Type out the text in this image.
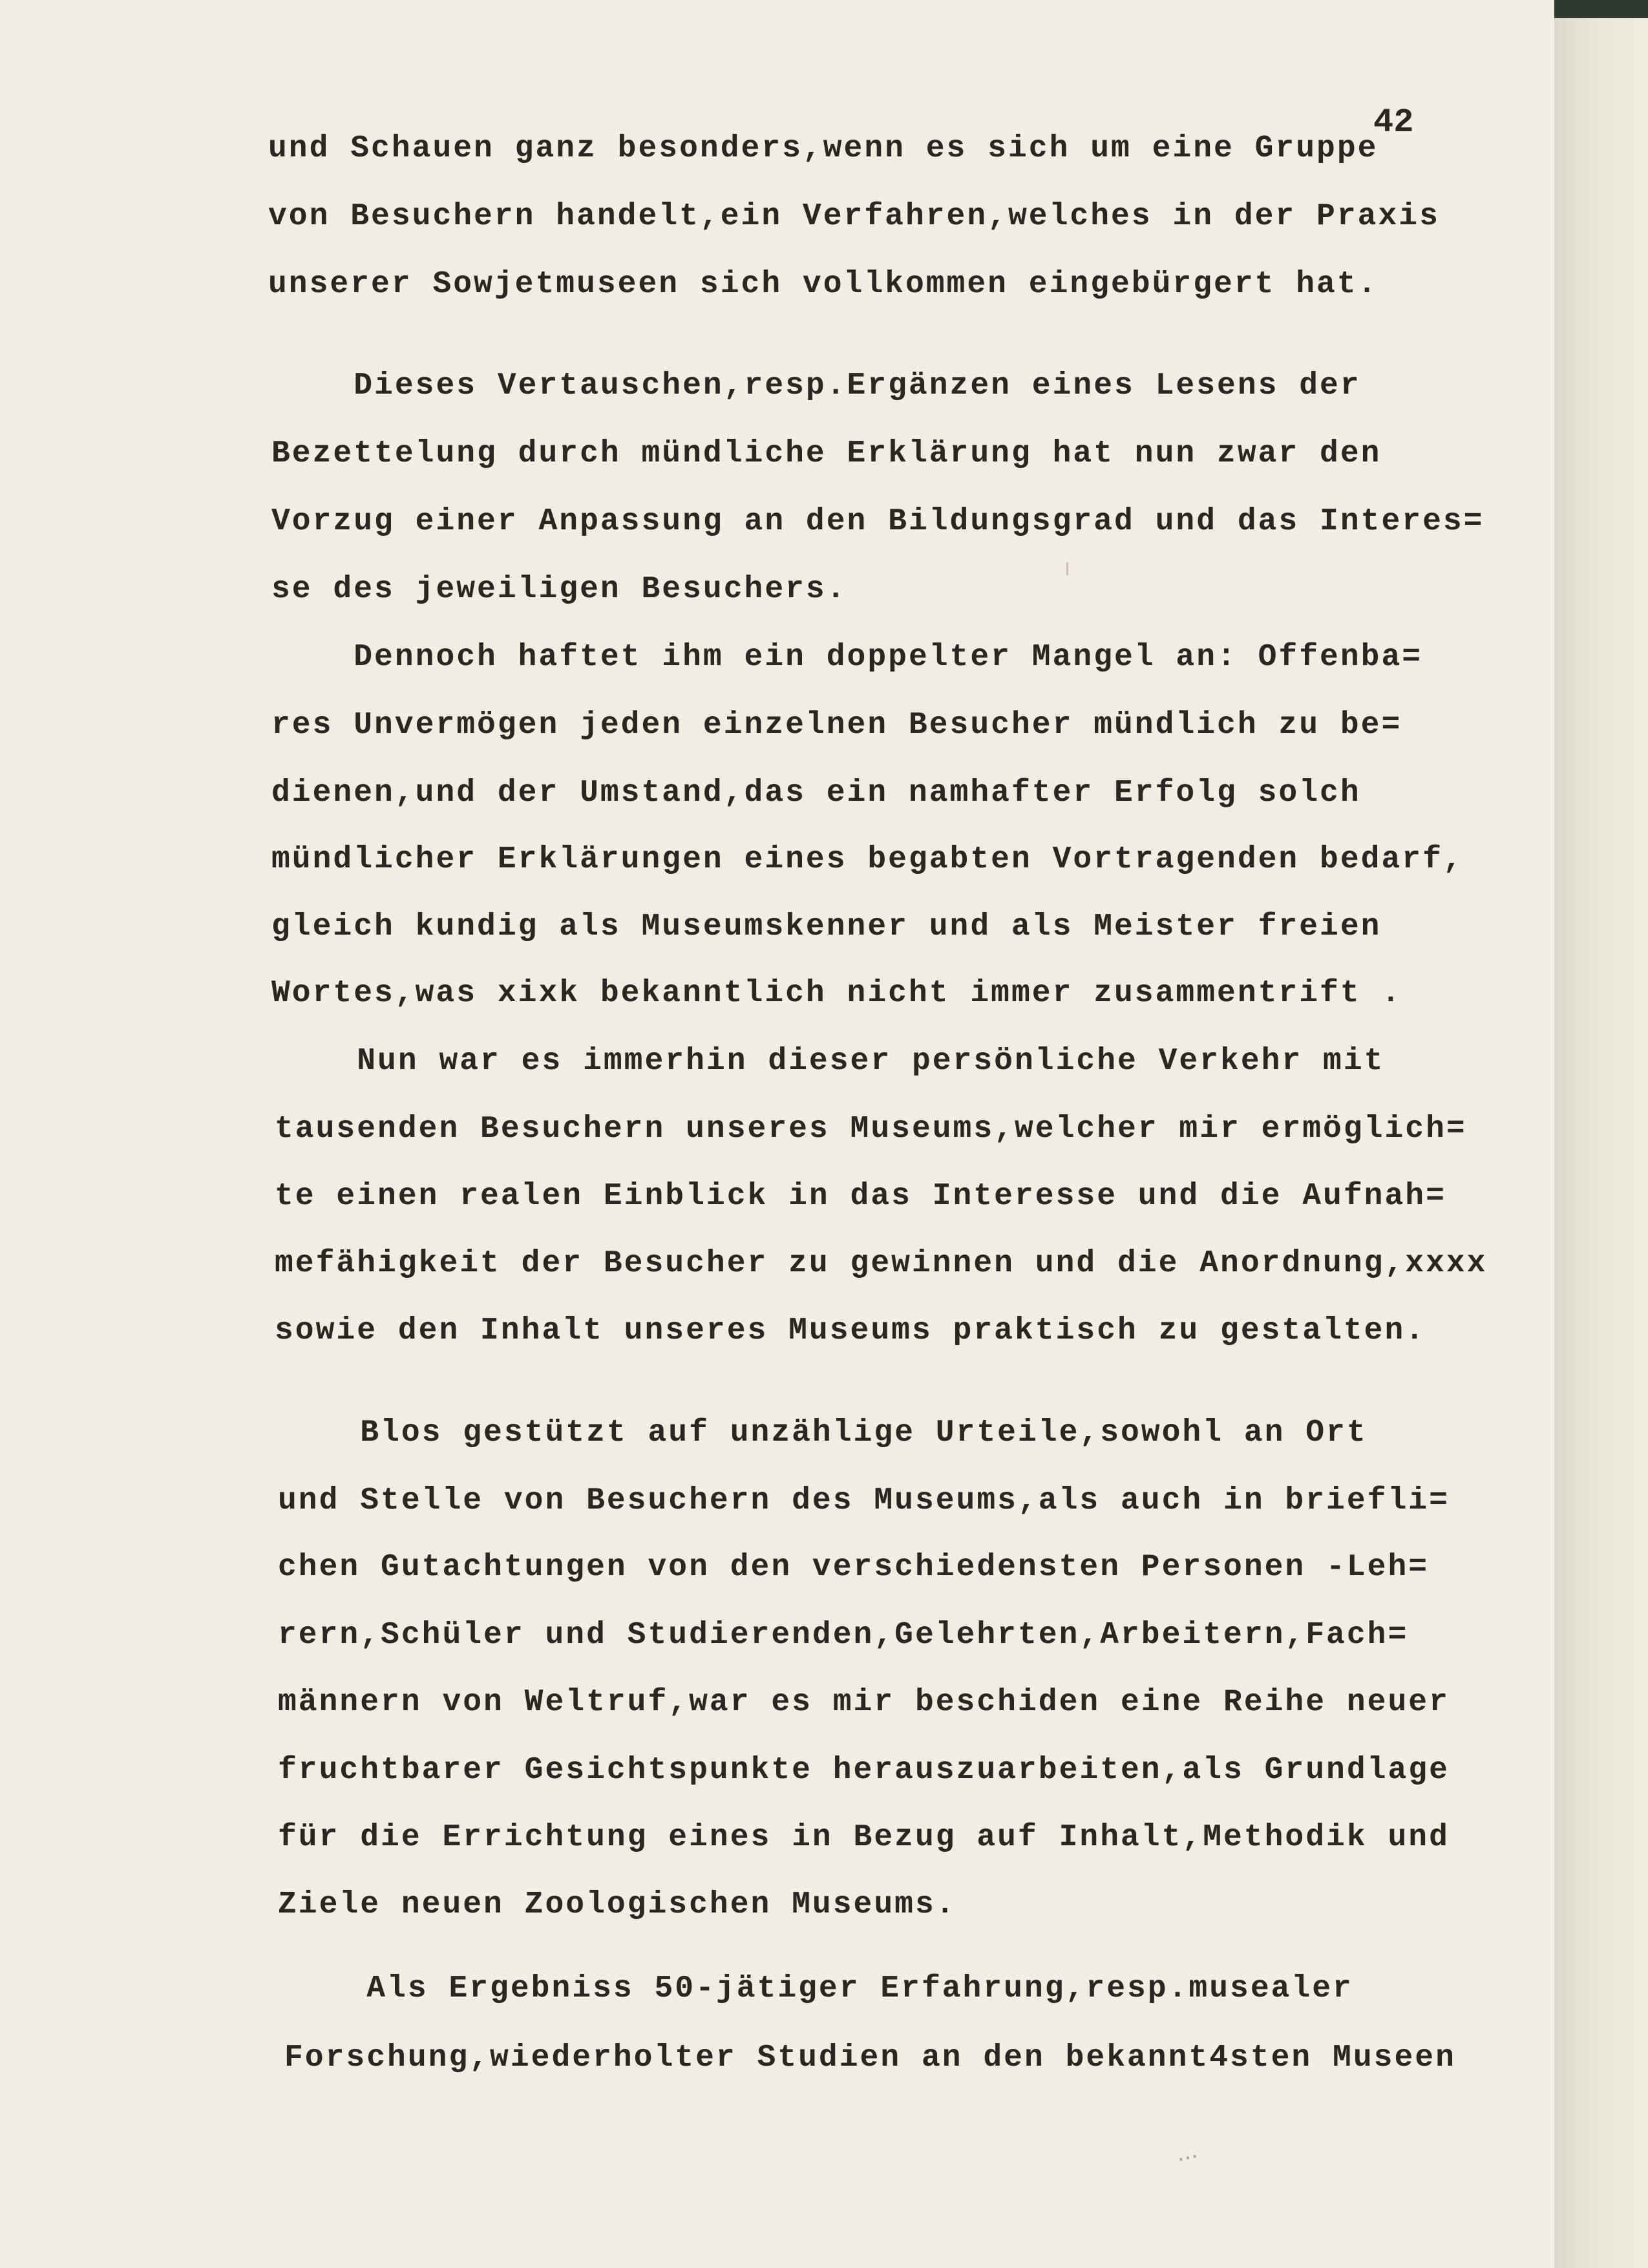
42

und Schauen ganz besonders,wenn es sich um eine Gruppe

von Besuchern handelt,ein Verfahren,welches in der Praxis

unserer Sowjetmuseen sich vollkommen eingebürgert hat.

Dieses Vertauschen,resp.Ergänzen eines Lesens der

Bezettelung durch mündliche Erklärung hat nun zwar den

Vorzug einer Anpassung an den Bildungsgrad und das Interes=

se des jeweiligen Besuchers.

Dennoch haftet ihm ein doppelter Mangel an: Offenba=

res Unvermögen jeden einzelnen Besucher mündlich zu be=

dienen,und der Umstand,das ein namhafter Erfolg solch

mündlicher Erklärungen eines begabten Vortragenden bedarf,

gleich kundig als Museumskenner und als Meister freien

Wortes,was xixk bekanntlich nicht immer zusammentrift .

Nun war es immerhin dieser persönliche Verkehr mit

tausenden Besuchern unseres Museums,welcher mir ermöglich=

te einen realen Einblick in das Interesse und die Aufnah=

mefähigkeit der Besucher zu gewinnen und die Anordnung,xxxx

sowie den Inhalt unseres Museums praktisch zu gestalten.

Blos gestützt auf unzählige Urteile,sowohl an Ort

und Stelle von Besuchern des Museums,als auch in briefli=

chen Gutachtungen von den verschiedensten Personen -Leh=

rern,Schüler und Studierenden,Gelehrten,Arbeitern,Fach=

männern von Weltruf,war es mir beschiden eine Reihe neuer

fruchtbarer Gesichtspunkte herauszuarbeiten,als Grundlage

für die Errichtung eines in Bezug auf Inhalt,Methodik und

Ziele neuen Zoologischen Museums.

Als Ergebniss 50-jätiger Erfahrung,resp.musealer

Forschung,wiederholter Studien an den bekannt4sten Museen

...
